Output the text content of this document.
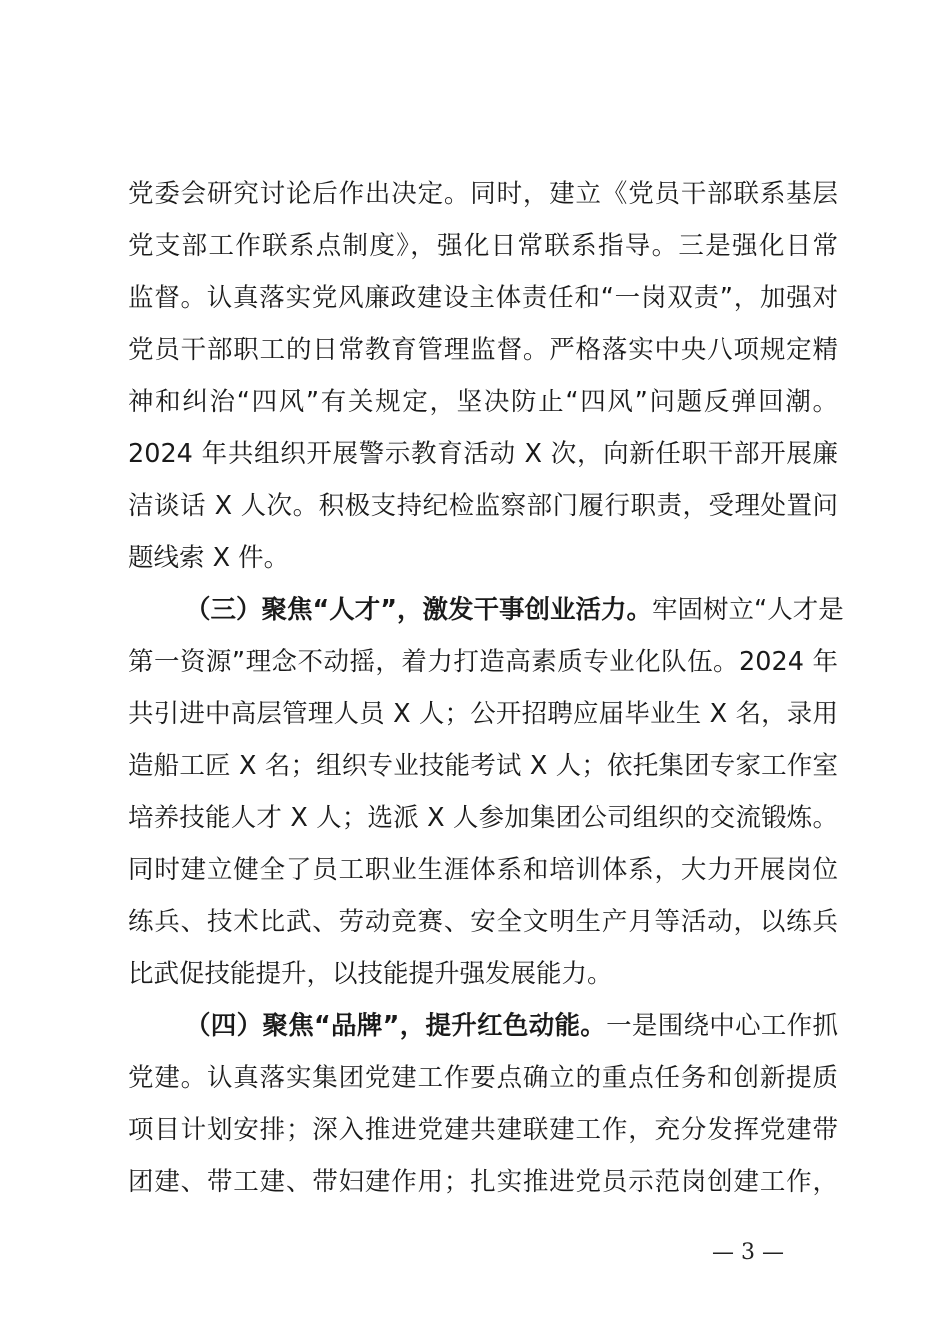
党委会研究讨论后作出决定。同时，建立《党员干部联系基层
党支部工作联系点制度》，强化日常联系指导。三是强化日常
监督。认真落实党风廉政建设主体责任和“一岗双责”，加强对
党员干部职工的日常教育管理监督。严格落实中央八项规定精
神和纠治“四风”有关规定，坚决防止“四风”问题反弹回潮。
2024 年共组织开展警示教育活动 X 次，向新任职干部开展廉
洁谈话 X 人次。积极支持纪检监察部门履行职责，受理处置问
题线索 X 件。
（三）聚焦“人才”，激发干事创业活力。牢固树立“人才是
第一资源”理念不动摇，着力打造高素质专业化队伍。2024 年
共引进中高层管理人员 X 人；公开招聘应届毕业生 X 名，录用
造船工匠 X 名；组织专业技能考试 X 人；依托集团专家工作室
培养技能人才 X 人；选派 X 人参加集团公司组织的交流锻炼。
同时建立健全了员工职业生涯体系和培训体系，大力开展岗位
练兵、技术比武、劳动竞赛、安全文明生产月等活动，以练兵
比武促技能提升，以技能提升强发展能力。
（四）聚焦“品牌”，提升红色动能。一是围绕中心工作抓
党建。认真落实集团党建工作要点确立的重点任务和创新提质
项目计划安排；深入推进党建共建联建工作，充分发挥党建带
团建、带工建、带妇建作用；扎实推进党员示范岗创建工作，
— 3 —
